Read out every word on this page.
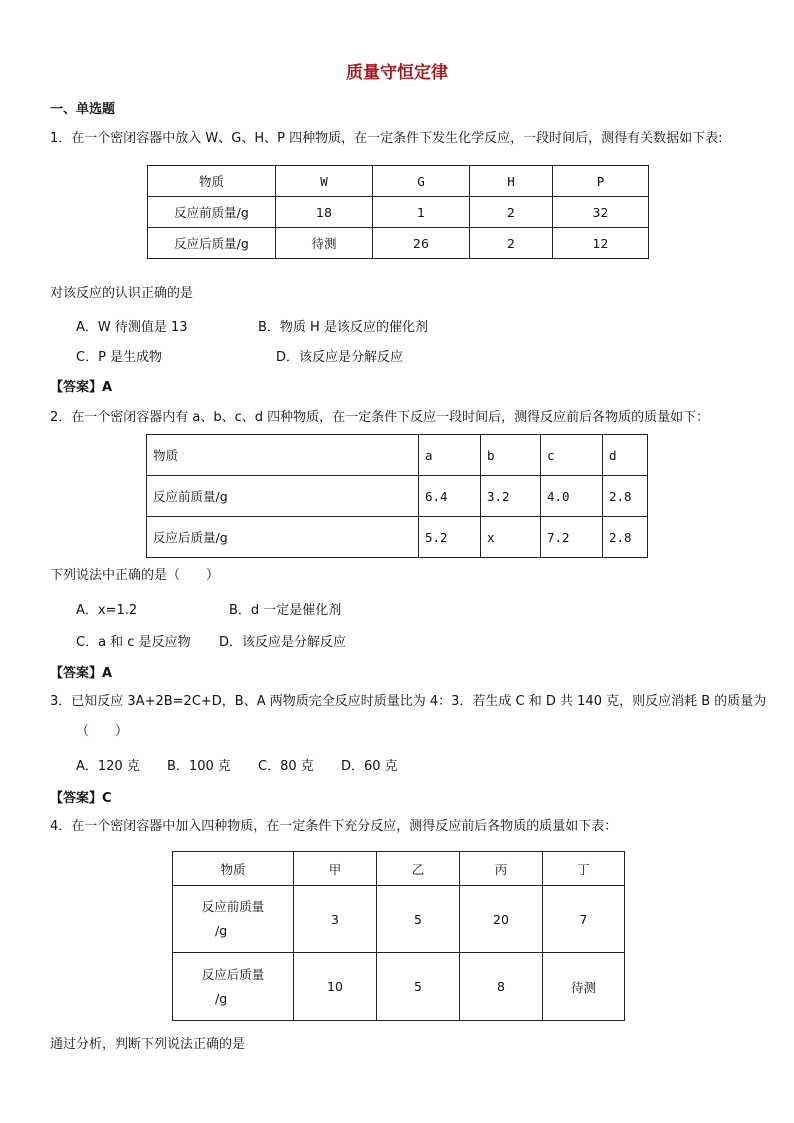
质量守恒定律
一、单选题
1．在一个密闭容器中放入 W、G、H、P 四种物质，在一定条件下发生化学反应，一段时间后，测得有关数据如下表:
物质	W	G	H	P
反应前质量/g	18	1	2	32
反应后质量/g	待测	26	2	12
对该反应的认识正确的是
A．W 待测值是 13	B．物质 H 是该反应的催化剂
C．P 是生成物	D．该反应是分解反应
【答案】A
2．在一个密闭容器内有 a、b、c、d 四种物质，在一定条件下反应一段时间后，测得反应前后各物质的质量如下：
物质	a	b	c	d
反应前质量/g	6.4	3.2	4.0	2.8
反应后质量/g	5.2	x	7.2	2.8
下列说法中正确的是（　　）
A．x=1.2	B．d 一定是催化剂
C．a 和 c 是反应物 D．该反应是分解反应
【答案】A
3．已知反应 3A+2B=2C+D，B、A 两物质完全反应时质量比为 4：3．若生成 C 和 D 共 140 克，则反应消耗 B 的质量为
（　　）
A．120 克 B．100 克 C．80 克 D．60 克
【答案】C
4．在一个密闭容器中加入四种物质，在一定条件下充分反应，测得反应前后各物质的质量如下表：
物质	甲	乙	丙	丁

反应前质量
/g	3	5	20	7

反应后质量
/g	10	5	8	待测
通过分析，判断下列说法正确的是
